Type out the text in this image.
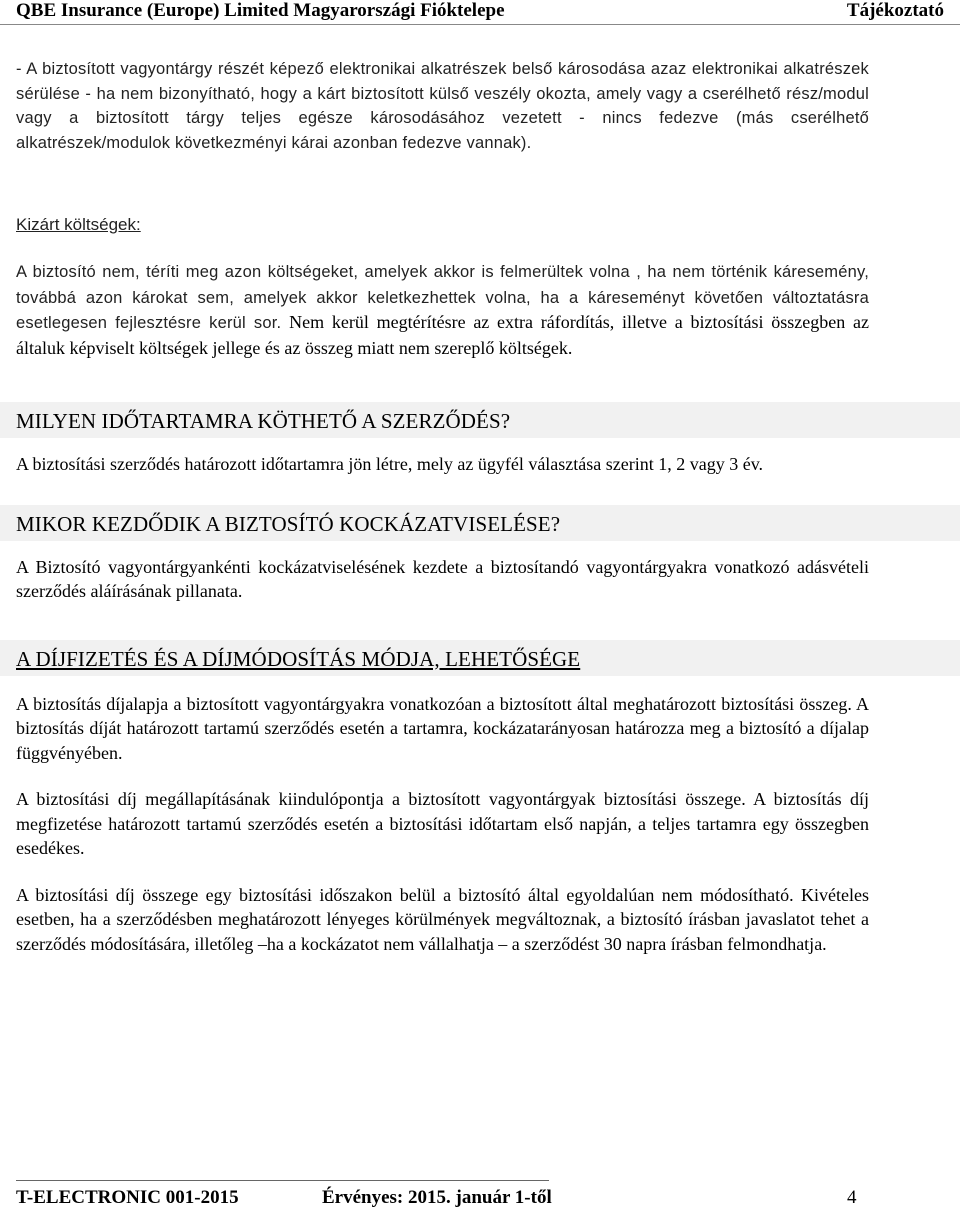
QBE Insurance (Europe) Limited Magyarországi Fióktelepe	Tájékoztató

- A biztosított vagyontárgy részét képező elektronikai alkatrészek belső károsodása azaz elektronikai alkatrészek sérülése - ha nem bizonyítható, hogy a kárt biztosított külső veszély okozta, amely vagy a cserélhető rész/modul vagy a biztosított tárgy teljes egésze károsodásához vezetett - nincs fedezve (más cserélhető alkatrészek/modulok következményi kárai azonban fedezve vannak).

Kizárt költségek:

A biztosító nem, téríti meg azon költségeket, amelyek akkor is felmerültek volna , ha nem történik káresemény, továbbá azon károkat sem, amelyek akkor keletkezhettek volna, ha a káreseményt követően változtatásra esetlegesen fejlesztésre kerül sor. Nem kerül megtérítésre az extra ráfordítás, illetve a biztosítási összegben az általuk képviselt költségek jellege és az összeg miatt nem szereplő költségek.

MILYEN IDŐTARTAMRA KÖTHETŐ A SZERZŐDÉS?

A biztosítási szerződés határozott időtartamra jön létre, mely az ügyfél választása szerint 1, 2 vagy 3 év.

MIKOR KEZDŐDIK A BIZTOSÍTÓ KOCKÁZATVISELÉSE?

A Biztosító vagyontárgyankénti kockázatviselésének kezdete a biztosítandó vagyontárgyakra vonatkozó adásvételi szerződés aláírásának pillanata.

A DÍJFIZETÉS ÉS A DÍJMÓDOSÍTÁS MÓDJA, LEHETŐSÉGE

A biztosítás díjalapja a biztosított vagyontárgyakra vonatkozóan a biztosított által meghatározott biztosítási összeg. A biztosítás díját határozott tartamú szerződés esetén a tartamra, kockázatarányosan határozza meg a biztosító a díjalap függvényében.

A biztosítási díj megállapításának kiindulópontja a biztosított vagyontárgyak biztosítási összege. A biztosítás díj megfizetése határozott tartamú szerződés esetén a biztosítási időtartam első napján, a teljes tartamra egy összegben esedékes.

A biztosítási díj összege egy biztosítási időszakon belül a biztosító által egyoldalúan nem módosítható. Kivételes esetben, ha a szerződésben meghatározott lényeges körülmények megváltoznak, a biztosító írásban javaslatot tehet a szerződés módosítására, illetőleg –ha a kockázatot nem vállalhatja – a szerződést 30 napra írásban felmondhatja.

T-ELECTRONIC 001-2015	Érvényes: 2015. január 1-től	4
